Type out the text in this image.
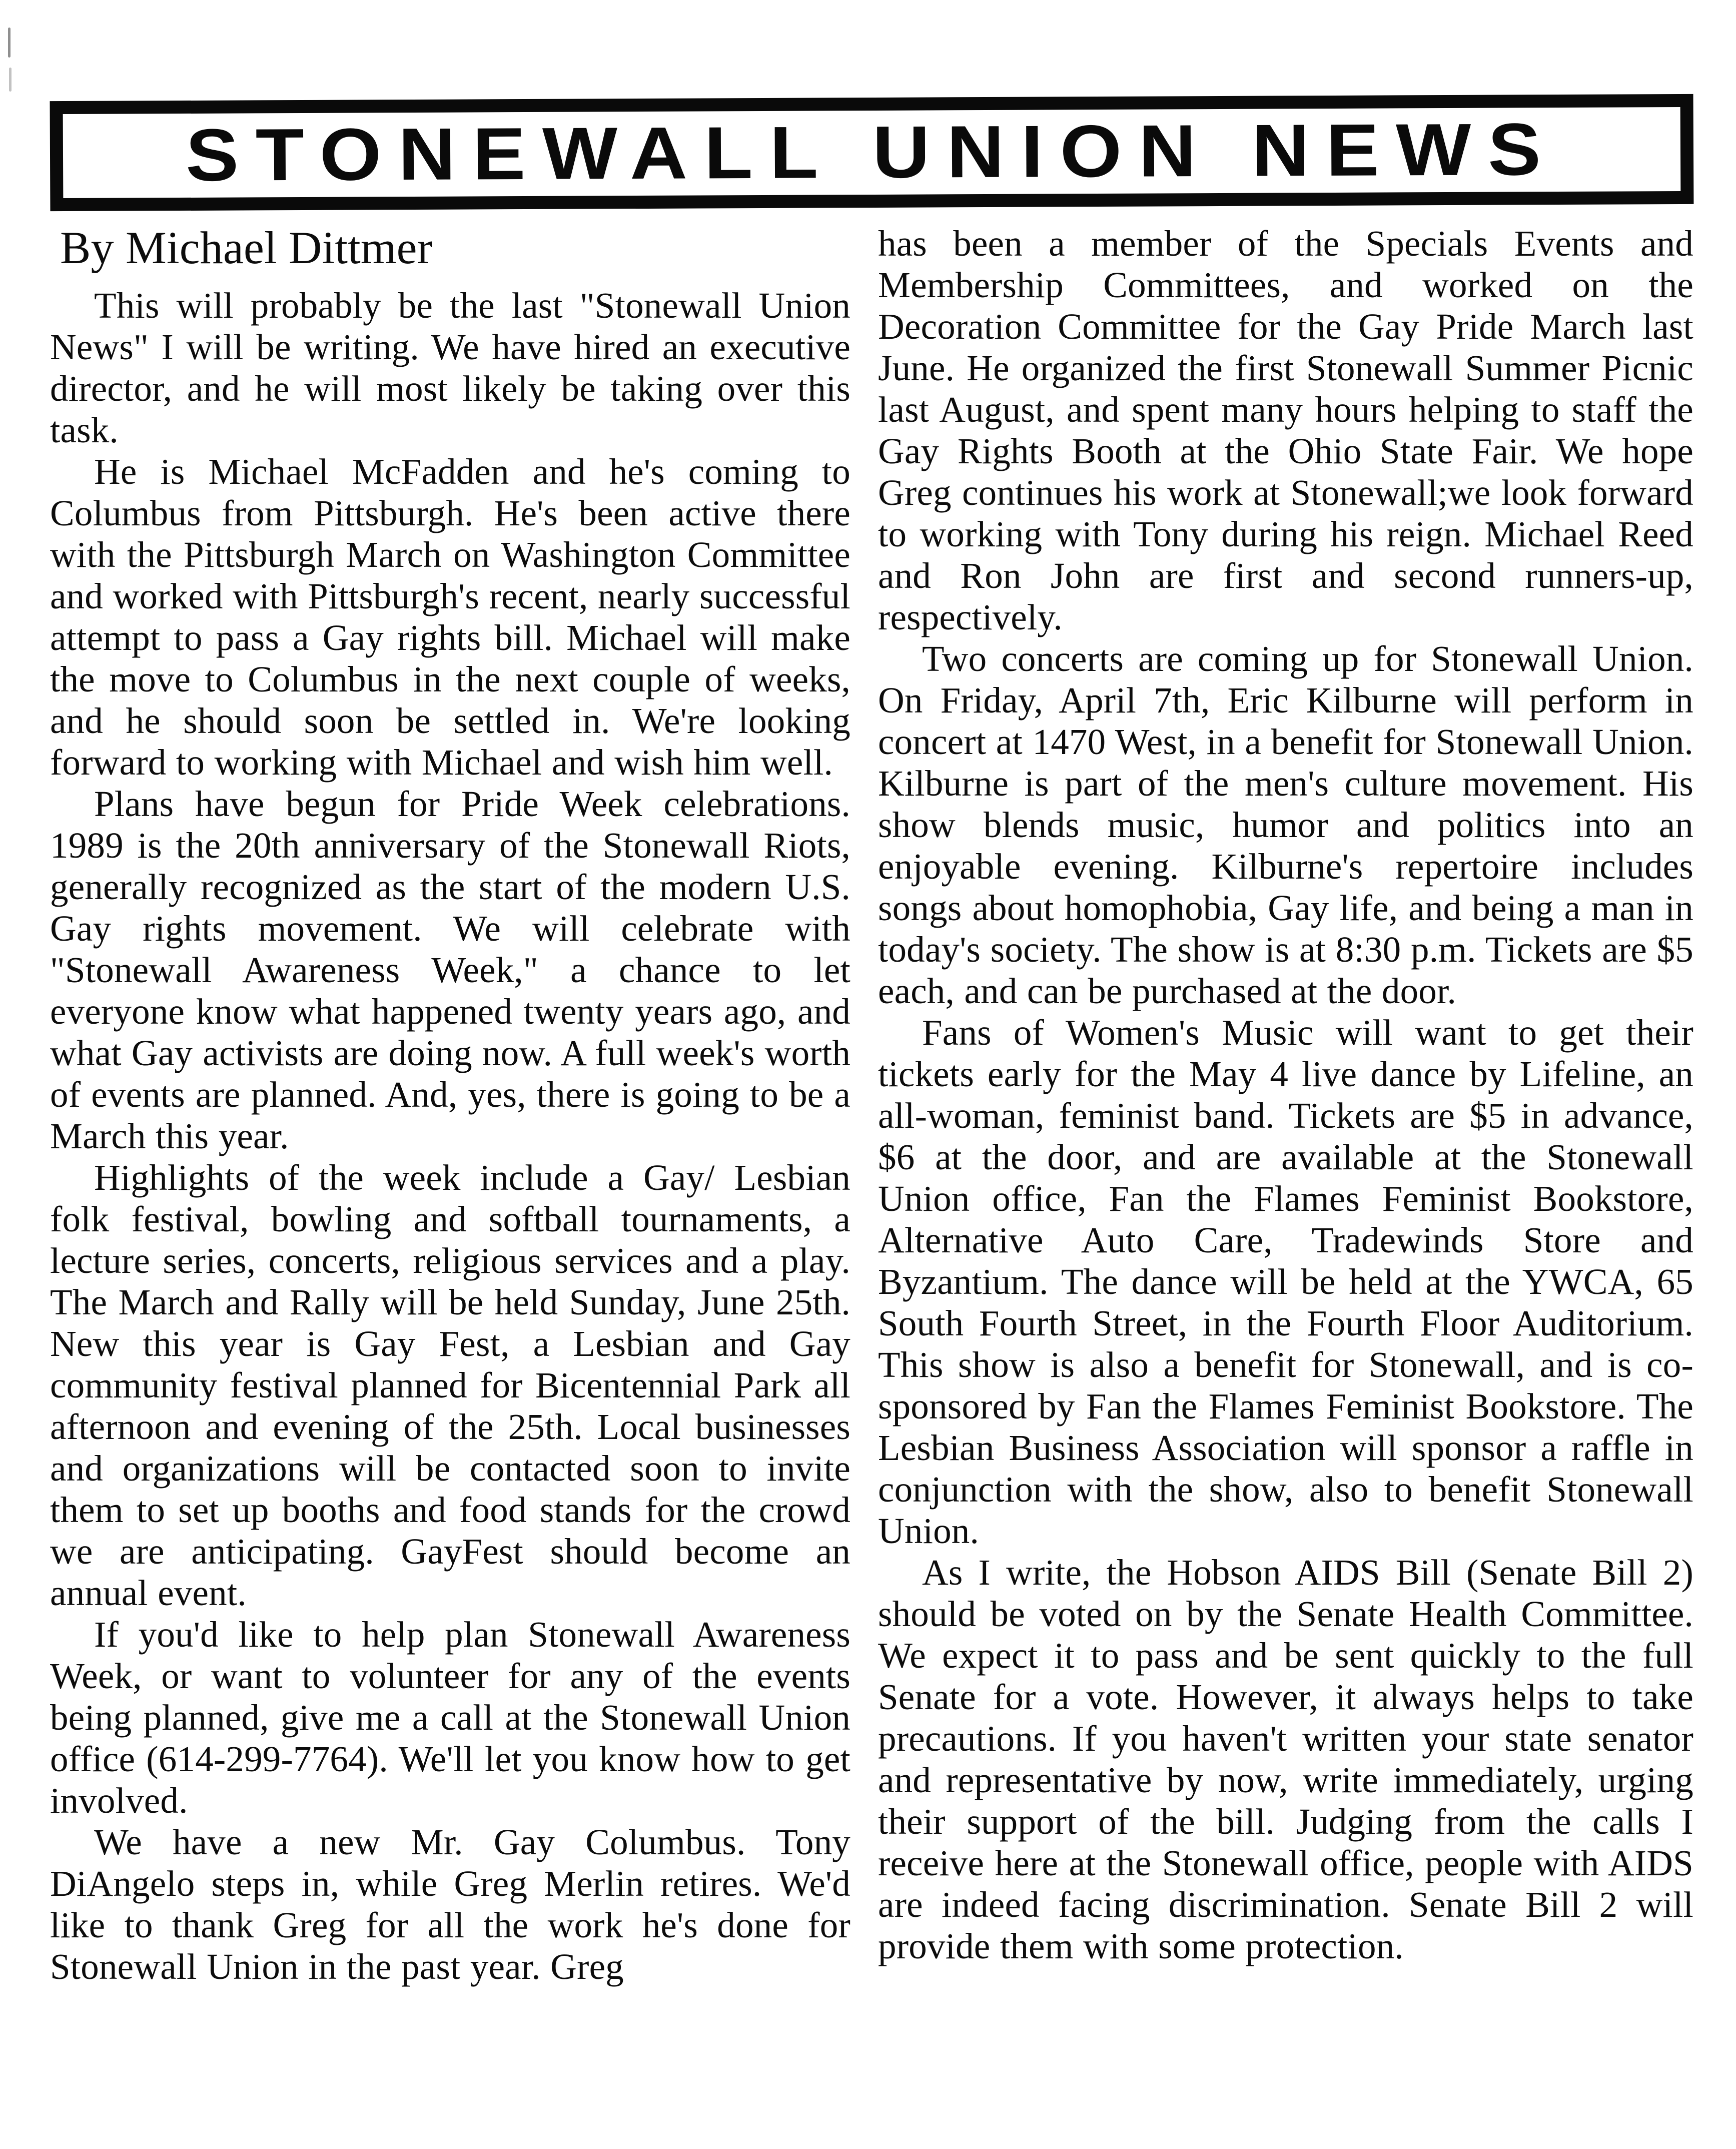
STONEWALL UNION NEWS
By Michael Dittmer

This will probably be the last "Stonewall Union News" I will be writing. We have hired an executive director, and he will most likely be taking over this task.

He is Michael McFadden and he's coming to Columbus from Pittsburgh. He's been active there with the Pittsburgh March on Washington Committee and worked with Pittsburgh's recent, nearly successful attempt to pass a Gay rights bill. Michael will make the move to Columbus in the next couple of weeks, and he should soon be settled in. We're looking forward to working with Michael and wish him well.

Plans have begun for Pride Week celebrations. 1989 is the 20th anniversary of the Stonewall Riots, generally recognized as the start of the modern U.S. Gay rights movement. We will celebrate with "Stonewall Awareness Week," a chance to let everyone know what happened twenty years ago, and what Gay activists are doing now. A full week's worth of events are planned. And, yes, there is going to be a March this year.

Highlights of the week include a Gay/ Lesbian folk festival, bowling and softball tournaments, a lecture series, concerts, religious services and a play. The March and Rally will be held Sunday, June 25th. New this year is Gay Fest, a Lesbian and Gay community festival planned for Bicentennial Park all afternoon and evening of the 25th. Local businesses and organizations will be contacted soon to invite them to set up booths and food stands for the crowd we are anticipating. GayFest should become an annual event.

If you'd like to help plan Stonewall Awareness Week, or want to volunteer for any of the events being planned, give me a call at the Stonewall Union office (614-299-7764). We'll let you know how to get involved.

We have a new Mr. Gay Columbus. Tony DiAngelo steps in, while Greg Merlin retires. We'd like to thank Greg for all the work he's done for Stonewall Union in the past year. Greg

has been a member of the Specials Events and Membership Committees, and worked on the Decoration Committee for the Gay Pride March last June. He organized the first Stonewall Summer Picnic last August, and spent many hours helping to staff the Gay Rights Booth at the Ohio State Fair. We hope Greg continues his work at Stonewall;we look forward to working with Tony during his reign. Michael Reed and Ron John are first and second runners-up, respectively.

Two concerts are coming up for Stonewall Union. On Friday, April 7th, Eric Kilburne will perform in concert at 1470 West, in a benefit for Stonewall Union. Kilburne is part of the men's culture movement. His show blends music, humor and politics into an enjoyable evening. Kilburne's repertoire includes songs about homophobia, Gay life, and being a man in today's society. The show is at 8:30 p.m. Tickets are $5 each, and can be purchased at the door.

Fans of Women's Music will want to get their tickets early for the May 4 live dance by Lifeline, an all-woman, feminist band. Tickets are $5 in advance, $6 at the door, and are available at the Stonewall Union office, Fan the Flames Feminist Bookstore, Alternative Auto Care, Tradewinds Store and Byzantium. The dance will be held at the YWCA, 65 South Fourth Street, in the Fourth Floor Auditorium. This show is also a benefit for Stonewall, and is co-sponsored by Fan the Flames Feminist Bookstore. The Lesbian Business Association will sponsor a raffle in conjunction with the show, also to benefit Stonewall Union.

As I write, the Hobson AIDS Bill (Senate Bill 2) should be voted on by the Senate Health Committee. We expect it to pass and be sent quickly to the full Senate for a vote. However, it always helps to take precautions. If you haven't written your state senator and representative by now, write immediately, urging their support of the bill. Judging from the calls I receive here at the Stonewall office, people with AIDS are indeed facing discrimination. Senate Bill 2 will provide them with some protection.
